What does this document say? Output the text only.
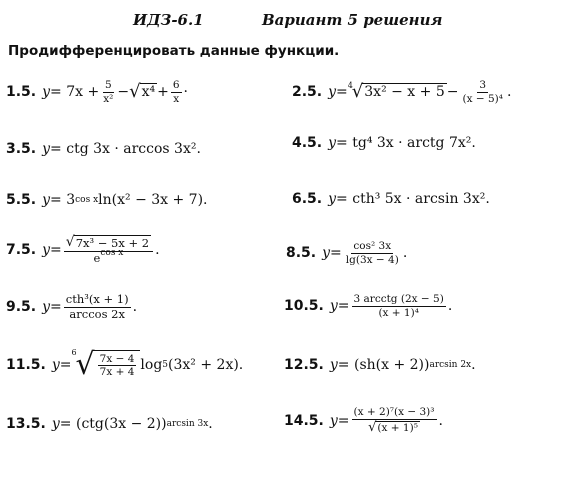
ИДЗ-6.1	Вариант 5 решения
Продифференцировать данные функции.
1.5. $y = 7x + \frac{5}{\text{x²}}$ − √ $x^4 + \frac{6}{x}$ ·	2.5. y = 4
√ $3x^2 - x + 5 - \frac{3}{\text{(x − 5)⁴}}$ .
3.5. y = ctg 3x · arccos 3x².	4.5. y = tg⁴ 3x · arctg 7x².
5.5. y = 3 cos x ln(x² − 3x + 7).	6.5. y = cth³ 5x · arcsin 3x².
7.5. $y = \frac{\text{√ 7x³ − 5x + 2}}{e^{cos x}}$ .	8.5. $y = \frac{\text{cos² 3x}}{\lg(3x - 4)}$ .
9.5. $y = \frac{\text{cth³(x + 1)}}{\arccos 2x}$ .	10.5. $y = \frac{\text{3 arcctg (2x − 5)}}{\text{(x + 1)⁴}}$ .
11.5. y =
6
√ $\frac{7x - 4}{7x + 4}$ log 5 (3x² + 2x).	12.5. y = (sh(x + 2)) arcsin 2x .
13.5. y = (ctg(3x − 2)) arcsin 3x .	14.5. $y = \frac{\text{(x + 2)⁷(x − 3)³}}{\text{√ (x + 1)⁵}}$ .
